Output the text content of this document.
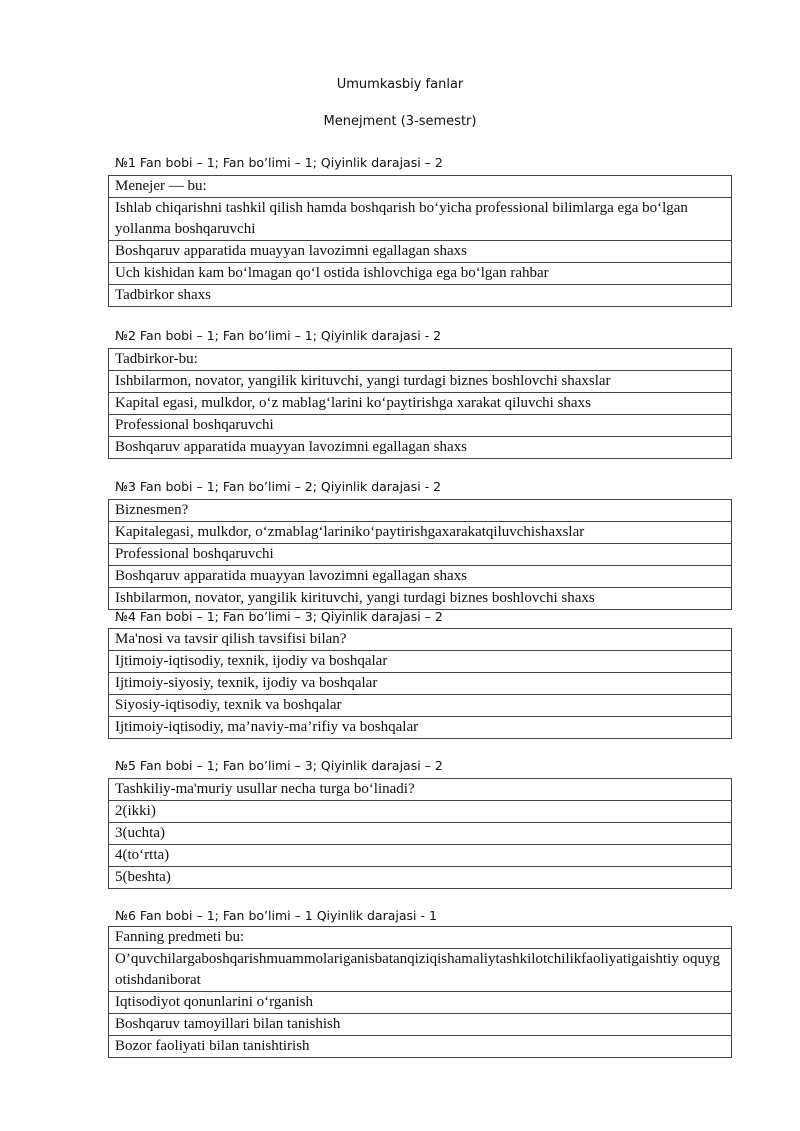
Umumkasbiy fanlar
Menejment (3-semestr)
№1 Fan bobi – 1; Fan bo’limi – 1; Qiyinlik darajasi – 2
Menejer — bu:
Ishlab chiqarishni tashkil qilish hamda boshqarish bo‘yicha professional bilimlarga ega bo‘lgan yollanma boshqaruvchi
Boshqaruv apparatida muayyan lavozimni egallagan shaxs
Uch kishidan kam bo‘lmagan qo‘l ostida ishlovchiga ega bo‘lgan rahbar
Tadbirkor shaxs
№2 Fan bobi – 1; Fan bo’limi – 1; Qiyinlik darajasi - 2
Tadbirkor-bu:
Ishbilarmon, novator, yangilik kirituvchi, yangi turdagi biznes boshlovchi shaxslar
Kapital egasi, mulkdor, o‘z mablag‘larini ko‘paytirishga xarakat qiluvchi shaxs
Professional boshqaruvchi
Boshqaruv apparatida muayyan lavozimni egallagan shaxs
№3 Fan bobi – 1; Fan bo’limi – 2; Qiyinlik darajasi - 2
Biznesmen?
Kapitalegasi, mulkdor, o‘zmablag‘lariniko‘paytirishgaxarakatqiluvchishaxslar
Professional boshqaruvchi
Boshqaruv apparatida muayyan lavozimni egallagan shaxs
Ishbilarmon, novator, yangilik kirituvchi, yangi turdagi biznes boshlovchi shaxs
№4 Fan bobi – 1; Fan bo’limi – 3; Qiyinlik darajasi – 2
Ma'nosi va tavsir qilish tavsifisi bilan?
Ijtimoiy-iqtisodiy, texnik, ijodiy va boshqalar
Ijtimoiy-siyosiy, texnik, ijodiy va boshqalar
Siyosiy-iqtisodiy, texnik va boshqalar
Ijtimoiy-iqtisodiy, ma’naviy-ma’rifiy va boshqalar
№5 Fan bobi – 1; Fan bo’limi – 3; Qiyinlik darajasi – 2
Tashkiliy-ma'muriy usullar necha turga bo‘linadi?
2(ikki)
3(uchta)
4(to‘rtta)
5(beshta)
№6 Fan bobi – 1; Fan bo’limi – 1 Qiyinlik darajasi - 1
Fanning predmeti bu:
O’quvchilargaboshqarishmuammolariganisbatanqiziqishamaliytashkilotchilikfaoliyatigaishtiy oquygotishdaniborat
Iqtisodiyot qonunlarini o‘rganish
Boshqaruv tamoyillari bilan tanishish
Bozor faoliyati bilan tanishtirish
